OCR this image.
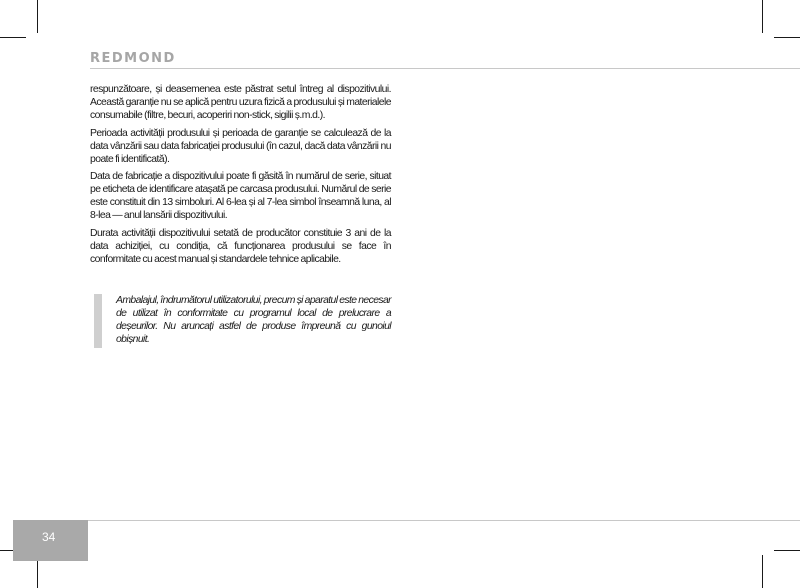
REDMOND

respunzătoare, și deasemenea este păstrat setul întreg al dispozitivului. Această garanție nu se aplică pentru uzura fizică a produsului și materialele consumabile (filtre, becuri, acoperiri non-stick, sigilii ș.m.d.).

Perioada activității produsului și perioada de garanție se calculează de la data vânzării sau data fabricației produsului (în cazul, dacă data vânzării nu poate fi identificată).

Data de fabricație a dispozitivului poate fi găsită în numărul de serie, situat pe eticheta de identificare atașată pe carcasa produsului. Numărul de serie este constituit din 13 simboluri. Al 6-lea și al 7-lea simbol înseamnă luna, al 8-lea — anul lansării dispozitivului.

Durata activității dispozitivului setată de producător constituie 3 ani de la data achiziției, cu condiția, că funcționarea produsului se face în conformitate cu acest manual și standardele tehnice aplicabile.

Ambalajul, îndrumătorul utilizatorului, precum și aparatul este necesar de utilizat în conformitate cu programul local de prelucrare a deșeurilor. Nu aruncați astfel de produse împreună cu gunoiul obișnuit.

34
